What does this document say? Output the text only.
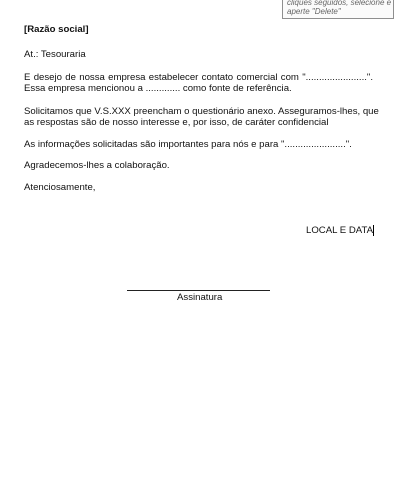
cliques seguidos, selecione e
aperte "Delete"
[Razão social]
At.: Tesouraria
E desejo de nossa empresa estabelecer contato comercial com ".......................".
Essa empresa mencionou a ............. como fonte de referência.
Solicitamos que V.S.XXX preencham o questionário anexo. Asseguramos-lhes, que
as respostas são de nosso interesse e, por isso, de caráter confidencial
As informações solicitadas são importantes para nós e para ".......................".
Agradecemos-lhes a colaboração.
Atenciosamente,
LOCAL E DATA
Assinatura
